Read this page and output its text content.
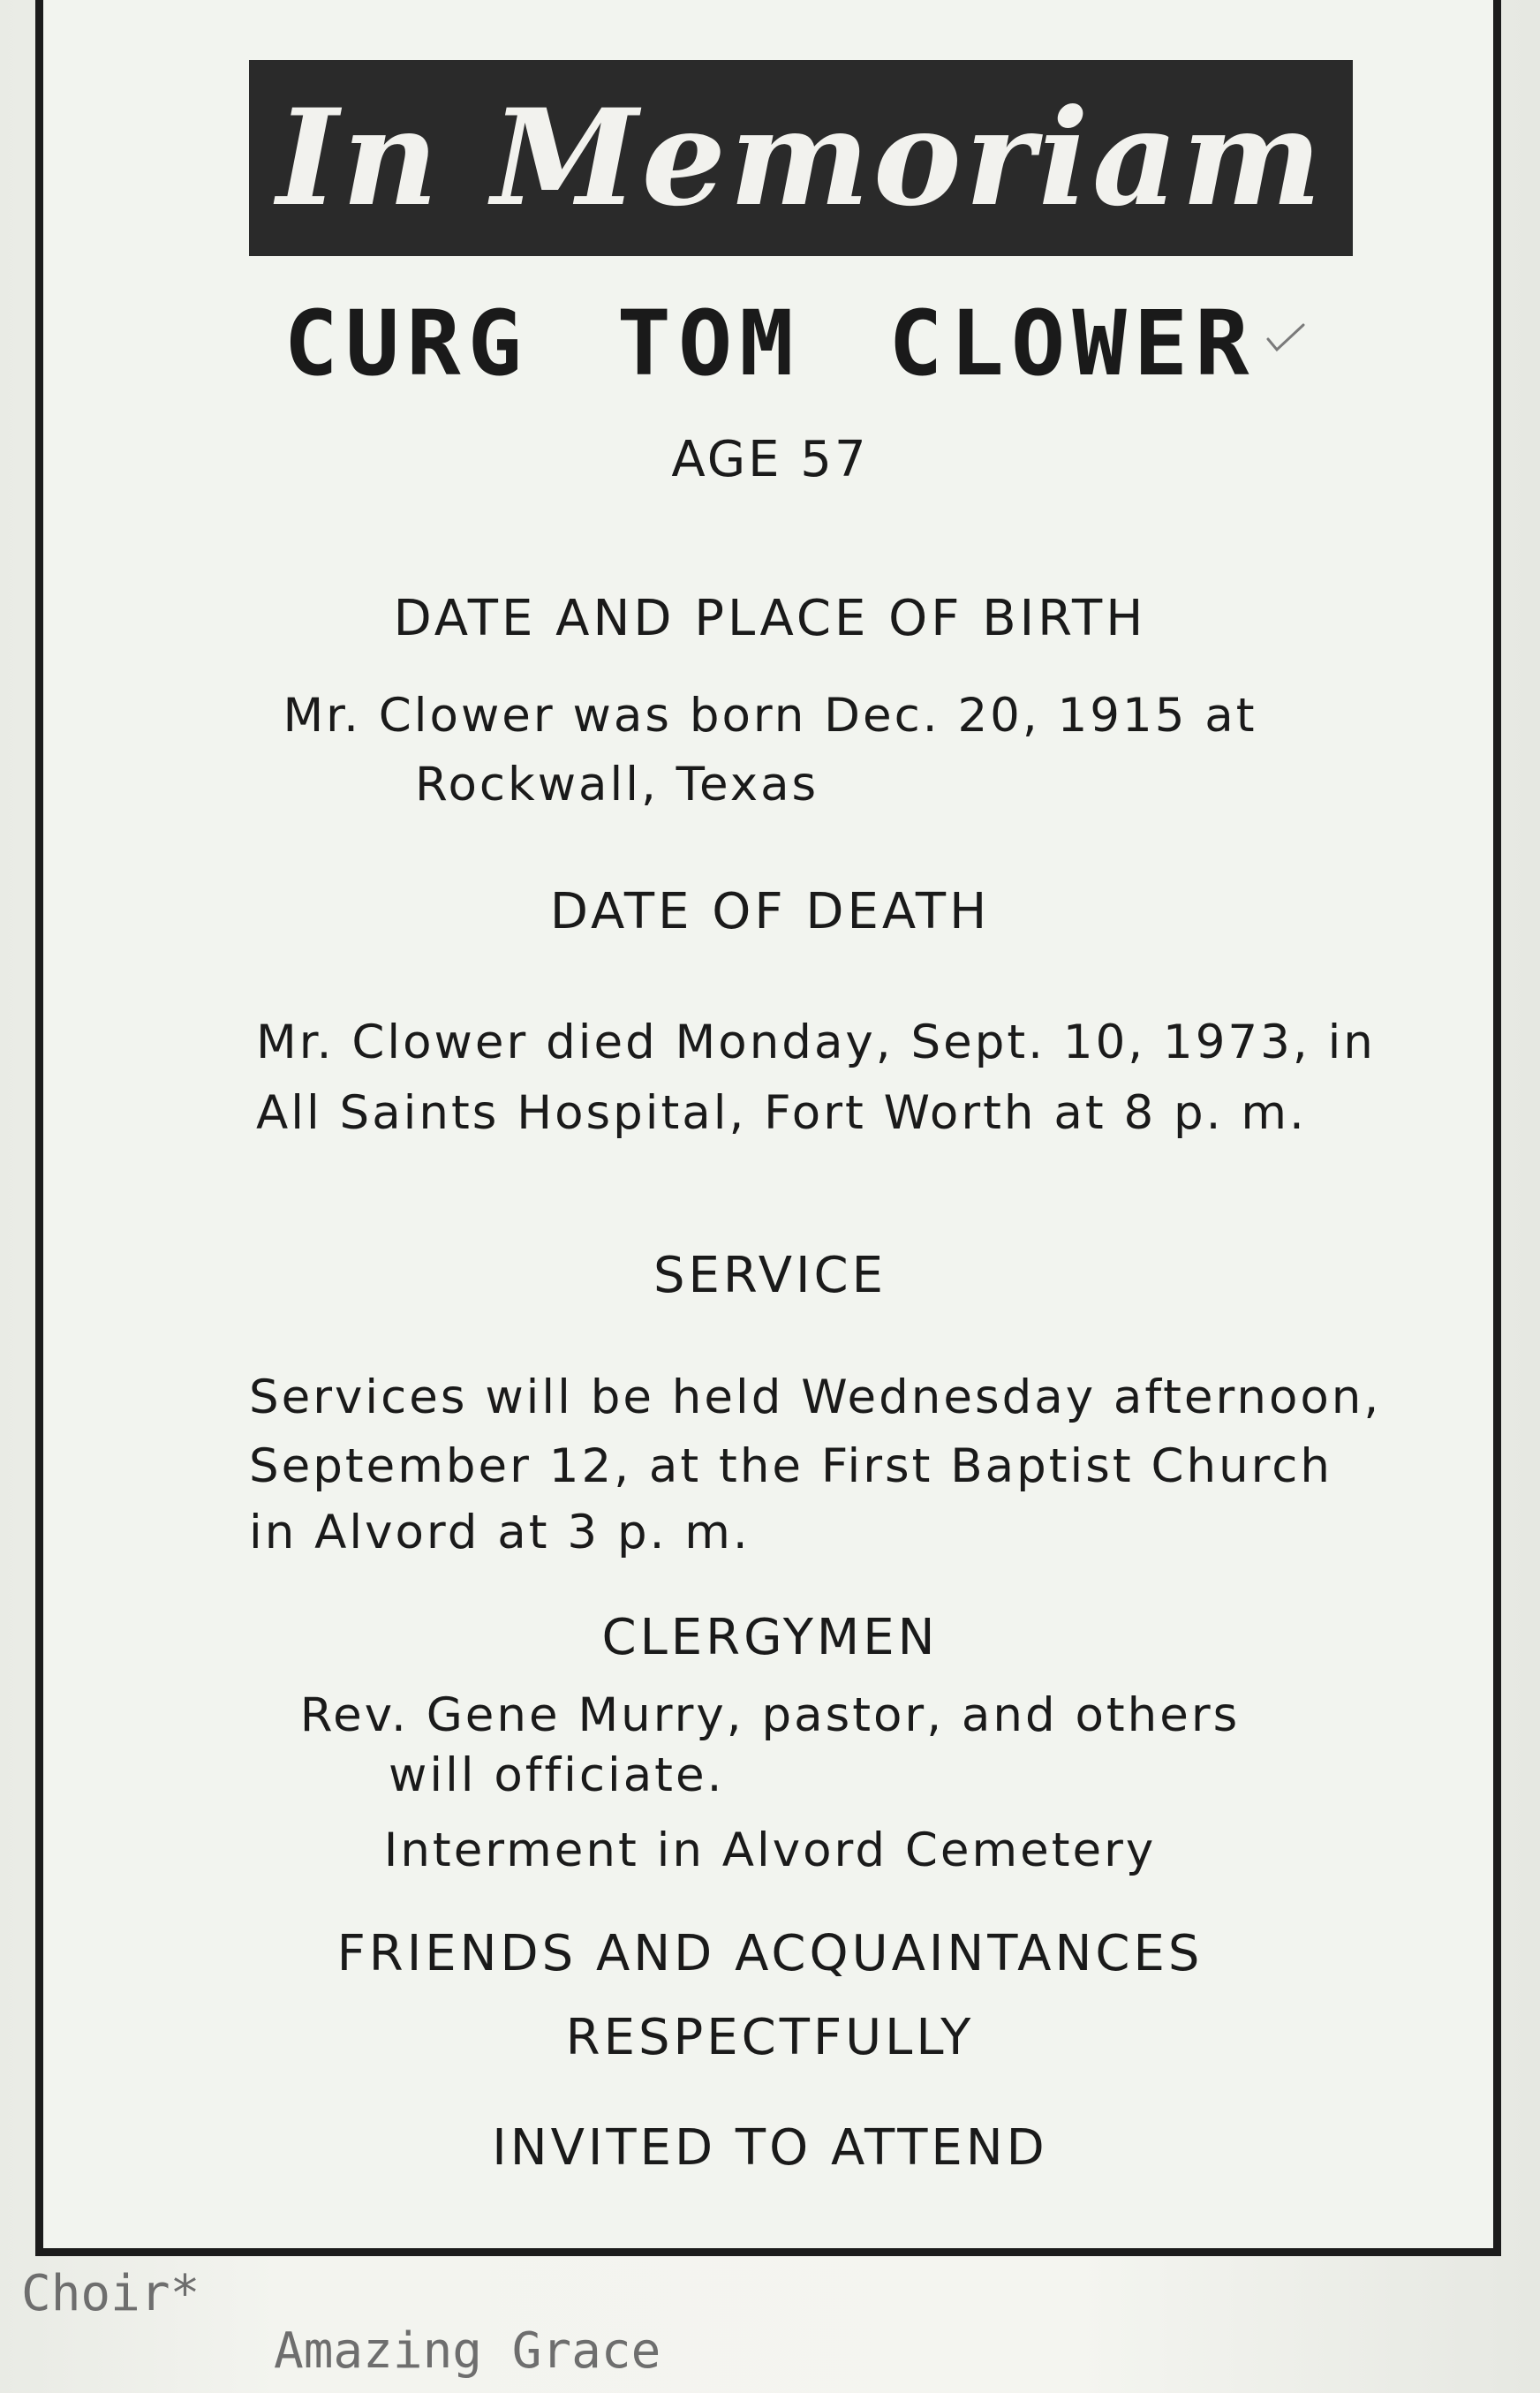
In Memoriam
CURG TOM CLOWER
AGE 57
DATE AND PLACE OF BIRTH
Mr. Clower was born Dec. 20, 1915 at
Rockwall, Texas
DATE OF DEATH
Mr. Clower died Monday, Sept. 10, 1973, in
All Saints Hospital, Fort Worth at 8 p. m.
SERVICE
Services will be held Wednesday afternoon,
September 12, at the First Baptist Church
in Alvord at 3 p. m.
CLERGYMEN
Rev. Gene Murry, pastor, and others
will officiate.
Interment in Alvord Cemetery
FRIENDS AND ACQUAINTANCES
RESPECTFULLY
INVITED TO ATTEND
Choir*
Amazing Grace
